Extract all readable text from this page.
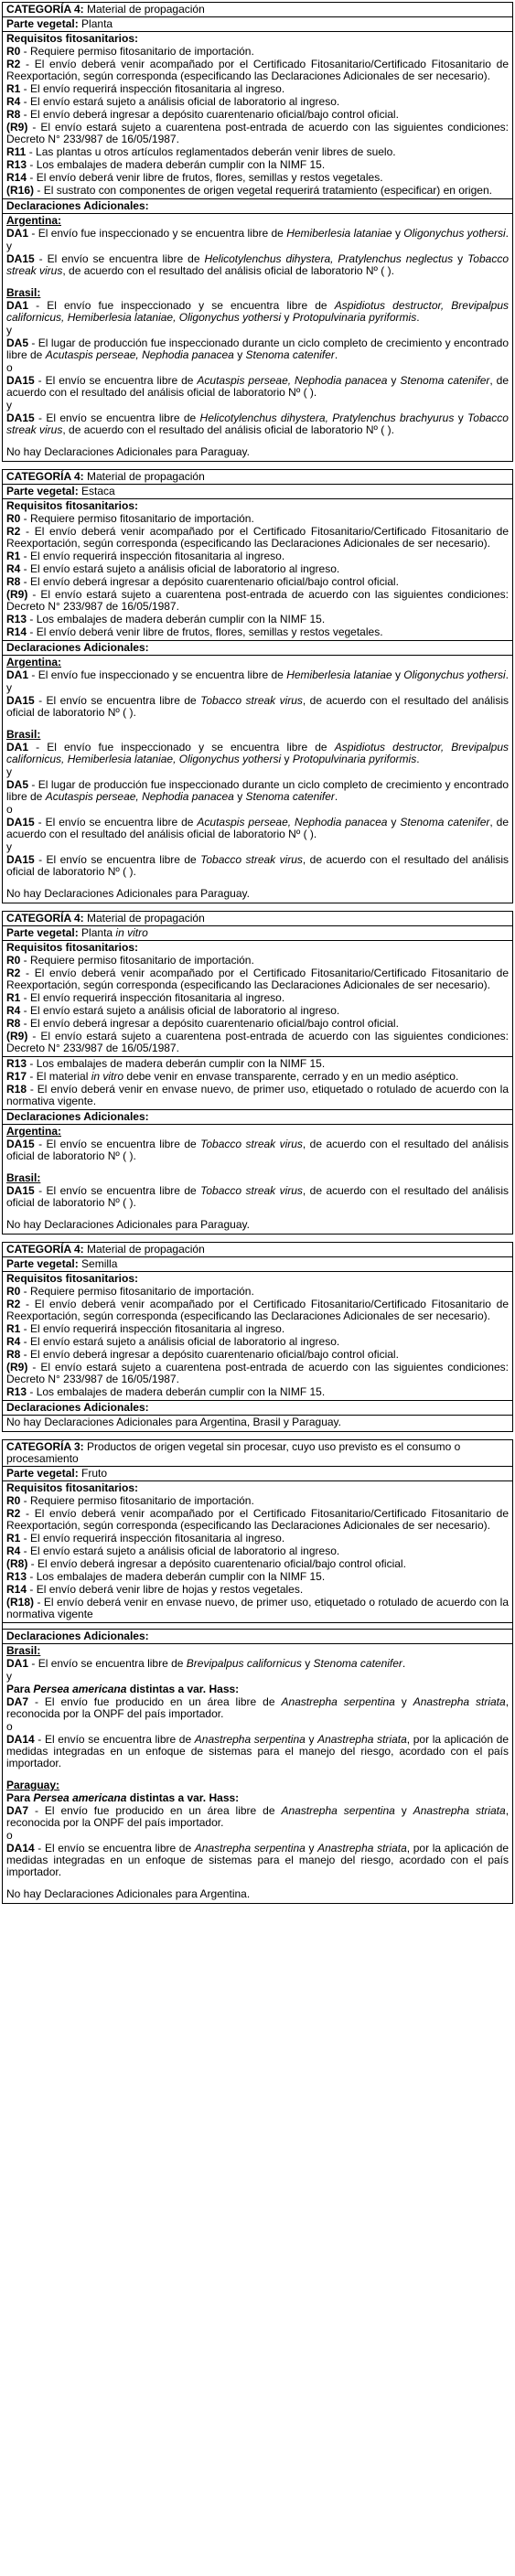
CATEGORÍA 4: Material de propagación
Parte vegetal: Planta

Requisitos fitosanitarios:

R0 - Requiere permiso fitosanitario de importación.

R2 - El envío deberá venir acompañado por el Certificado Fitosanitario/Certificado Fitosanitario de Reexportación, según corresponda (especificando las Declaraciones Adicionales de ser necesario).

R1 - El envío requerirá inspección fitosanitaria al ingreso.

R4 - El envío estará sujeto a análisis oficial de laboratorio al ingreso.

R8 - El envío deberá ingresar a depósito cuarentenario oficial/bajo control oficial.

(R9) - El envío estará sujeto a cuarentena post-entrada de acuerdo con las siguientes condiciones: Decreto N° 233/987 de 16/05/1987.

R11 - Las plantas u otros artículos reglamentados deberán venir libres de suelo.

R13 - Los embalajes de madera deberán cumplir con la NIMF 15.

R14 - El envío deberá venir libre de frutos, flores, semillas y restos vegetales.

(R16) - El sustrato con componentes de origen vegetal requerirá tratamiento (especificar) en origen.

Declaraciones Adicionales:

Argentina:

DA1 - El envío fue inspeccionado y se encuentra libre de Hemiberlesia lataniae y Oligonychus yothersi.

y

DA15 - El envío se encuentra libre de Helicotylenchus dihystera, Pratylenchus neglectus y Tobacco streak virus, de acuerdo con el resultado del análisis oficial de laboratorio Nº ( ).

Brasil:

DA1 - El envío fue inspeccionado y se encuentra libre de Aspidiotus destructor, Brevipalpus californicus, Hemiberlesia lataniae, Oligonychus yothersi y Protopulvinaria pyriformis.

y

DA5 - El lugar de producción fue inspeccionado durante un ciclo completo de crecimiento y encontrado libre de Acutaspis perseae, Nephodia panacea y Stenoma catenifer.

o

DA15 - El envío se encuentra libre de Acutaspis perseae, Nephodia panacea y Stenoma catenifer, de acuerdo con el resultado del análisis oficial de laboratorio Nº ( ).

y

DA15 - El envío se encuentra libre de Helicotylenchus dihystera, Pratylenchus brachyurus y Tobacco streak virus, de acuerdo con el resultado del análisis oficial de laboratorio Nº ( ).

No hay Declaraciones Adicionales para Paraguay.

CATEGORÍA 4: Material de propagación
Parte vegetal: Estaca

Requisitos fitosanitarios:

R0 - Requiere permiso fitosanitario de importación.

R2 - El envío deberá venir acompañado por el Certificado Fitosanitario/Certificado Fitosanitario de Reexportación, según corresponda (especificando las Declaraciones Adicionales de ser necesario).

R1 - El envío requerirá inspección fitosanitaria al ingreso.

R4 - El envío estará sujeto a análisis oficial de laboratorio al ingreso.

R8 - El envío deberá ingresar a depósito cuarentenario oficial/bajo control oficial.

(R9) - El envío estará sujeto a cuarentena post-entrada de acuerdo con las siguientes condiciones: Decreto N° 233/987 de 16/05/1987.

R13 - Los embalajes de madera deberán cumplir con la NIMF 15.

R14 - El envío deberá venir libre de frutos, flores, semillas y restos vegetales.

Declaraciones Adicionales:

Argentina:

DA1 - El envío fue inspeccionado y se encuentra libre de Hemiberlesia lataniae y Oligonychus yothersi.

y

DA15 - El envío se encuentra libre de Tobacco streak virus, de acuerdo con el resultado del análisis oficial de laboratorio Nº ( ).

Brasil:

DA1 - El envío fue inspeccionado y se encuentra libre de Aspidiotus destructor, Brevipalpus californicus, Hemiberlesia lataniae, Oligonychus yothersi y Protopulvinaria pyriformis.

y

DA5 - El lugar de producción fue inspeccionado durante un ciclo completo de crecimiento y encontrado libre de Acutaspis perseae, Nephodia panacea y Stenoma catenifer.

o

DA15 - El envío se encuentra libre de Acutaspis perseae, Nephodia panacea y Stenoma catenifer, de acuerdo con el resultado del análisis oficial de laboratorio Nº ( ).

y

DA15 - El envío se encuentra libre de Tobacco streak virus, de acuerdo con el resultado del análisis oficial de laboratorio Nº ( ).

No hay Declaraciones Adicionales para Paraguay.

CATEGORÍA 4: Material de propagación
Parte vegetal: Planta in vitro

Requisitos fitosanitarios:

R0 - Requiere permiso fitosanitario de importación.

R2 - El envío deberá venir acompañado por el Certificado Fitosanitario/Certificado Fitosanitario de Reexportación, según corresponda (especificando las Declaraciones Adicionales de ser necesario).

R1 - El envío requerirá inspección fitosanitaria al ingreso.

R4 - El envío estará sujeto a análisis oficial de laboratorio al ingreso.

R8 - El envío deberá ingresar a depósito cuarentenario oficial/bajo control oficial.

(R9) - El envío estará sujeto a cuarentena post-entrada de acuerdo con las siguientes condiciones: Decreto N° 233/987 de 16/05/1987.

R13 - Los embalajes de madera deberán cumplir con la NIMF 15.

R17 - El material in vitro debe venir en envase transparente, cerrado y en un medio aséptico.

R18 - El envío deberá venir en envase nuevo, de primer uso, etiquetado o rotulado de acuerdo con la normativa vigente.

Declaraciones Adicionales:

Argentina:

DA15 - El envío se encuentra libre de Tobacco streak virus, de acuerdo con el resultado del análisis oficial de laboratorio Nº ( ).

Brasil:

DA15 - El envío se encuentra libre de Tobacco streak virus, de acuerdo con el resultado del análisis oficial de laboratorio Nº ( ).

No hay Declaraciones Adicionales para Paraguay.

CATEGORÍA 4: Material de propagación
Parte vegetal: Semilla

Requisitos fitosanitarios:

R0 - Requiere permiso fitosanitario de importación.

R2 - El envío deberá venir acompañado por el Certificado Fitosanitario/Certificado Fitosanitario de Reexportación, según corresponda (especificando las Declaraciones Adicionales de ser necesario).

R1 - El envío requerirá inspección fitosanitaria al ingreso.

R4 - El envío estará sujeto a análisis oficial de laboratorio al ingreso.

R8 - El envío deberá ingresar a depósito cuarentenario oficial/bajo control oficial.

(R9) - El envío estará sujeto a cuarentena post-entrada de acuerdo con las siguientes condiciones: Decreto N° 233/987 de 16/05/1987.

R13 - Los embalajes de madera deberán cumplir con la NIMF 15.

Declaraciones Adicionales:

No hay Declaraciones Adicionales para Argentina, Brasil y Paraguay.

CATEGORÍA 3: Productos de origen vegetal sin procesar, cuyo uso previsto es el consumo o procesamiento
Parte vegetal: Fruto

Requisitos fitosanitarios:

R0 - Requiere permiso fitosanitario de importación.

R2 - El envío deberá venir acompañado por el Certificado Fitosanitario/Certificado Fitosanitario de Reexportación, según corresponda (especificando las Declaraciones Adicionales de ser necesario).

R1 - El envío requerirá inspección fitosanitaria al ingreso.

R4 - El envío estará sujeto a análisis oficial de laboratorio al ingreso.

(R8) - El envío deberá ingresar a depósito cuarentenario oficial/bajo control oficial.

R13 - Los embalajes de madera deberán cumplir con la NIMF 15.

R14 - El envío deberá venir libre de hojas y restos vegetales.

(R18) - El envío deberá venir en envase nuevo, de primer uso, etiquetado o rotulado de acuerdo con la normativa vigente

Declaraciones Adicionales:

Brasil:

DA1 - El envío se encuentra libre de Brevipalpus californicus y Stenoma catenifer.

y

Para Persea americana distintas a var. Hass:

DA7 - El envío fue producido en un área libre de Anastrepha serpentina y Anastrepha striata, reconocida por la ONPF del país importador.

o

DA14 - El envío se encuentra libre de Anastrepha serpentina y Anastrepha striata, por la aplicación de medidas integradas en un enfoque de sistemas para el manejo del riesgo, acordado con el país importador.

Paraguay:

Para Persea americana distintas a var. Hass:

DA7 - El envío fue producido en un área libre de Anastrepha serpentina y Anastrepha striata, reconocida por la ONPF del país importador.

o

DA14 - El envío se encuentra libre de Anastrepha serpentina y Anastrepha striata, por la aplicación de medidas integradas en un enfoque de sistemas para el manejo del riesgo, acordado con el país importador.

No hay Declaraciones Adicionales para Argentina.
